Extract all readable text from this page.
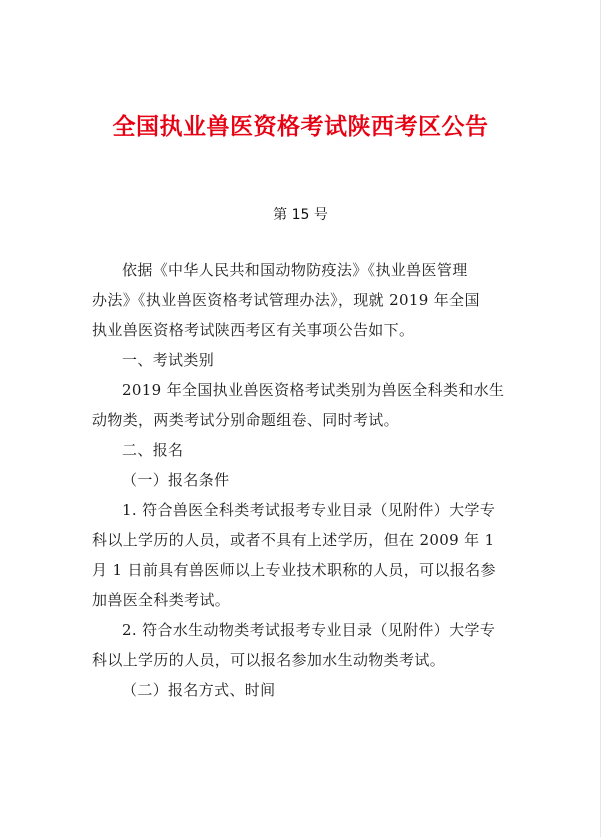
全国执业兽医资格考试陕西考区公告
第 15 号
依据《中华人民共和国动物防疫法》《执业兽医管理
办法》《执业兽医资格考试管理办法》，现就 2019 年全国
执业兽医资格考试陕西考区有关事项公告如下。
一、考试类别
2019 年全国执业兽医资格考试类别为兽医全科类和水生
动物类，两类考试分别命题组卷、同时考试。
二、报名
（一）报名条件
1. 符合兽医全科类考试报考专业目录（见附件）大学专
科以上学历的人员，或者不具有上述学历，但在 2009 年 1
月 1 日前具有兽医师以上专业技术职称的人员，可以报名参
加兽医全科类考试。
2. 符合水生动物类考试报考专业目录（见附件）大学专
科以上学历的人员，可以报名参加水生动物类考试。
（二）报名方式、时间
